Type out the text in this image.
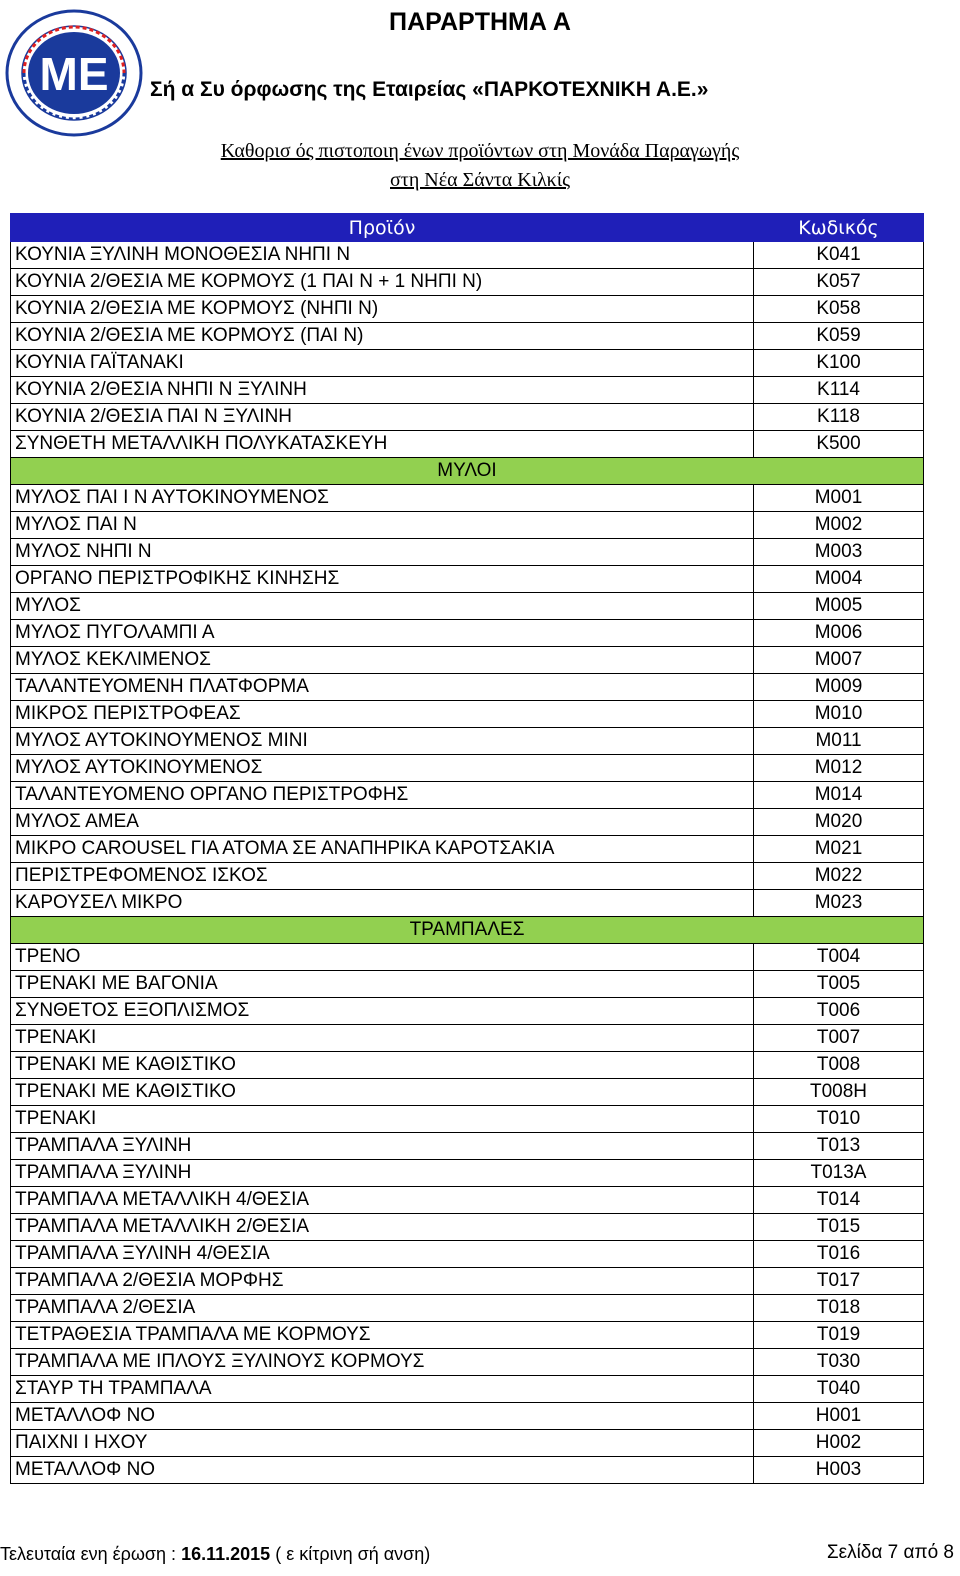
ME
ΠΑΡΑΡΤΗΜΑ Α
Σή α Συ όρφωσης της Εταιρείας «ΠΑΡΚΟΤΕΧΝΙΚΗ Α.Ε.»
Καθορισ ός πιστοποιη ένων προϊόντων στη Μονάδα Παραγωγής
στη Νέα Σάντα Κιλκίς
Προϊόν	Κωδικός
ΚΟΥΝΙΑ ΞΥΛΙΝΗ ΜΟΝΟΘΕΣΙΑ ΝΗΠΙ Ν	Κ041
ΚΟΥΝΙΑ 2/ΘΕΣΙΑ ΜΕ ΚΟΡΜΟΥΣ (1 ΠΑΙ Ν + 1 ΝΗΠΙ Ν)	Κ057
ΚΟΥΝΙΑ 2/ΘΕΣΙΑ ΜΕ ΚΟΡΜΟΥΣ (ΝΗΠΙ Ν)	Κ058
ΚΟΥΝΙΑ 2/ΘΕΣΙΑ ΜΕ ΚΟΡΜΟΥΣ (ΠΑΙ Ν)	Κ059
ΚΟΥΝΙΑ ΓΑΪΤΑΝΑΚΙ	Κ100
ΚΟΥΝΙΑ 2/ΘΕΣΙΑ ΝΗΠΙ Ν ΞΥΛΙΝΗ	Κ114
ΚΟΥΝΙΑ 2/ΘΕΣΙΑ ΠΑΙ Ν ΞΥΛΙΝΗ	Κ118
ΣΥΝΘΕΤΗ ΜΕΤΑΛΛΙΚΗ ΠΟΛΥΚΑΤΑΣΚΕΥΗ	Κ500
ΜΥΛΟΙ	
ΜΥΛΟΣ ΠΑΙ Ι Ν ΑΥΤΟΚΙΝΟΥΜΕΝΟΣ	Μ001
ΜΥΛΟΣ ΠΑΙ Ν	Μ002
ΜΥΛΟΣ ΝΗΠΙ Ν	Μ003
ΟΡΓΑΝΟ ΠΕΡΙΣΤΡΟΦΙΚΗΣ ΚΙΝΗΣΗΣ	Μ004
ΜΥΛΟΣ	Μ005
ΜΥΛΟΣ ΠΥΓΟΛΑΜΠΙ Α	Μ006
ΜΥΛΟΣ ΚΕΚΛΙΜΕΝΟΣ	Μ007
ΤΑΛΑΝΤΕΥΟΜΕΝΗ ΠΛΑΤΦΟΡΜΑ	Μ009
ΜΙΚΡΟΣ ΠΕΡΙΣΤΡΟΦΕΑΣ	Μ010
ΜΥΛΟΣ ΑΥΤΟΚΙΝΟΥΜΕΝΟΣ ΜΙΝΙ	Μ011
ΜΥΛΟΣ ΑΥΤΟΚΙΝΟΥΜΕΝΟΣ	Μ012
ΤΑΛΑΝΤΕΥΟΜΕΝΟ ΟΡΓΑΝΟ ΠΕΡΙΣΤΡΟΦΗΣ	Μ014
ΜΥΛΟΣ ΑΜΕΑ	Μ020
ΜΙΚΡΟ CAROUSEL ΓΙΑ ΑΤΟΜΑ ΣΕ ΑΝΑΠΗΡΙΚΑ ΚΑΡΟΤΣΑΚΙΑ	Μ021
ΠΕΡΙΣΤΡΕΦΟΜΕΝΟΣ ΙΣΚΟΣ	Μ022
ΚΑΡΟΥΣΕΛ ΜΙΚΡΟ	Μ023
ΤΡΑΜΠΑΛΕΣ	
ΤΡΕΝΟ	Τ004
ΤΡΕΝΑΚΙ ΜΕ ΒΑΓΟΝΙΑ	Τ005
ΣΥΝΘΕΤΟΣ ΕΞΟΠΛΙΣΜΟΣ	Τ006
ΤΡΕΝΑΚΙ	Τ007
ΤΡΕΝΑΚΙ ΜΕ ΚΑΘΙΣΤΙΚΟ	Τ008
ΤΡΕΝΑΚΙ ΜΕ ΚΑΘΙΣΤΙΚΟ	Τ008Η
ΤΡΕΝΑΚΙ	Τ010
ΤΡΑΜΠΑΛΑ ΞΥΛΙΝΗ	Τ013
ΤΡΑΜΠΑΛΑ ΞΥΛΙΝΗ	Τ013Α
ΤΡΑΜΠΑΛΑ ΜΕΤΑΛΛΙΚΗ 4/ΘΕΣΙΑ	Τ014
ΤΡΑΜΠΑΛΑ ΜΕΤΑΛΛΙΚΗ 2/ΘΕΣΙΑ	Τ015
ΤΡΑΜΠΑΛΑ ΞΥΛΙΝΗ 4/ΘΕΣΙΑ	Τ016
ΤΡΑΜΠΑΛΑ 2/ΘΕΣΙΑ ΜΟΡΦΗΣ	Τ017
ΤΡΑΜΠΑΛΑ 2/ΘΕΣΙΑ	Τ018
ΤΕΤΡΑΘΕΣΙΑ ΤΡΑΜΠΑΛΑ ΜΕ ΚΟΡΜΟΥΣ	Τ019
ΤΡΑΜΠΑΛΑ ΜΕ ΙΠΛΟΥΣ ΞΥΛΙΝΟΥΣ ΚΟΡΜΟΥΣ	Τ030
ΣΤΑΥΡ ΤΗ ΤΡΑΜΠΑΛΑ	Τ040
ΜΕΤΑΛΛΟΦ ΝΟ	Η001
ΠΑΙΧΝΙ Ι ΗΧΟΥ	Η002
ΜΕΤΑΛΛΟΦ ΝΟ	Η003
Τελευταία ενη έρωση : 16.11.2015 ( ε κίτρινη σή ανση)	Σελίδα 7 από 8
